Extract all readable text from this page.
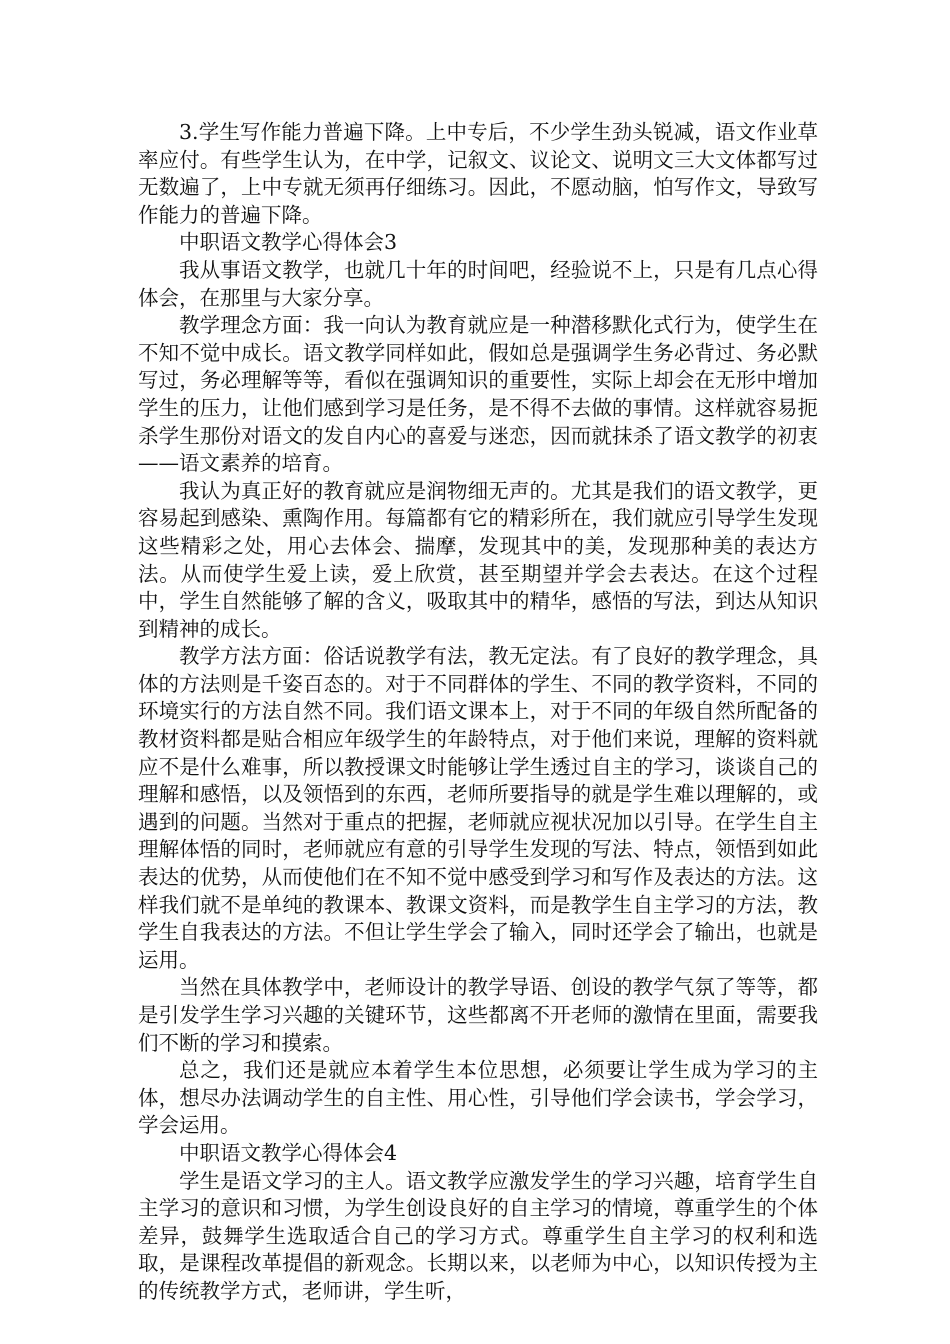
3.学生写作能力普遍下降。上中专后，不少学生劲头锐减，语文作业草率应付。有些学生认为，在中学，记叙文、议论文、说明文三大文体都写过无数遍了，上中专就无须再仔细练习。因此，不愿动脑，怕写作文，导致写作能力的普遍下降。

中职语文教学心得体会3

我从事语文教学，也就几十年的时间吧，经验说不上，只是有几点心得体会，在那里与大家分享。

教学理念方面：我一向认为教育就应是一种潜移默化式行为，使学生在不知不觉中成长。语文教学同样如此，假如总是强调学生务必背过、务必默写过，务必理解等等，看似在强调知识的重要性，实际上却会在无形中增加学生的压力，让他们感到学习是任务，是不得不去做的事情。这样就容易扼杀学生那份对语文的发自内心的喜爱与迷恋，因而就抹杀了语文教学的初衷——语文素养的培育。

我认为真正好的教育就应是润物细无声的。尤其是我们的语文教学，更容易起到感染、熏陶作用。每篇都有它的精彩所在，我们就应引导学生发现这些精彩之处，用心去体会、揣摩，发现其中的美，发现那种美的表达方法。从而使学生爱上读，爱上欣赏，甚至期望并学会去表达。在这个过程中，学生自然能够了解的含义，吸取其中的精华，感悟的写法，到达从知识到精神的成长。

教学方法方面：俗话说教学有法，教无定法。有了良好的教学理念，具体的方法则是千姿百态的。对于不同群体的学生、不同的教学资料，不同的环境实行的方法自然不同。我们语文课本上，对于不同的年级自然所配备的教材资料都是贴合相应年级学生的年龄特点，对于他们来说，理解的资料就应不是什么难事，所以教授课文时能够让学生透过自主的学习，谈谈自己的理解和感悟，以及领悟到的东西，老师所要指导的就是学生难以理解的，或遇到的问题。当然对于重点的把握，老师就应视状况加以引导。在学生自主理解体悟的同时，老师就应有意的引导学生发现的写法、特点，领悟到如此表达的优势，从而使他们在不知不觉中感受到学习和写作及表达的方法。这样我们就不是单纯的教课本、教课文资料，而是教学生自主学习的方法，教学生自我表达的方法。不但让学生学会了输入，同时还学会了输出，也就是运用。

当然在具体教学中，老师设计的教学导语、创设的教学气氛了等等，都是引发学生学习兴趣的关键环节，这些都离不开老师的激情在里面，需要我们不断的学习和摸索。

总之，我们还是就应本着学生本位思想，必须要让学生成为学习的主体，想尽办法调动学生的自主性、用心性，引导他们学会读书，学会学习，学会运用。

中职语文教学心得体会4

学生是语文学习的主人。语文教学应激发学生的学习兴趣，培育学生自主学习的意识和习惯，为学生创设良好的自主学习的情境，尊重学生的个体差异，鼓舞学生选取适合自己的学习方式。尊重学生自主学习的权利和选取，是课程改革提倡的新观念。长期以来，以老师为中心，以知识传授为主的传统教学方式，老师讲，学生听，
